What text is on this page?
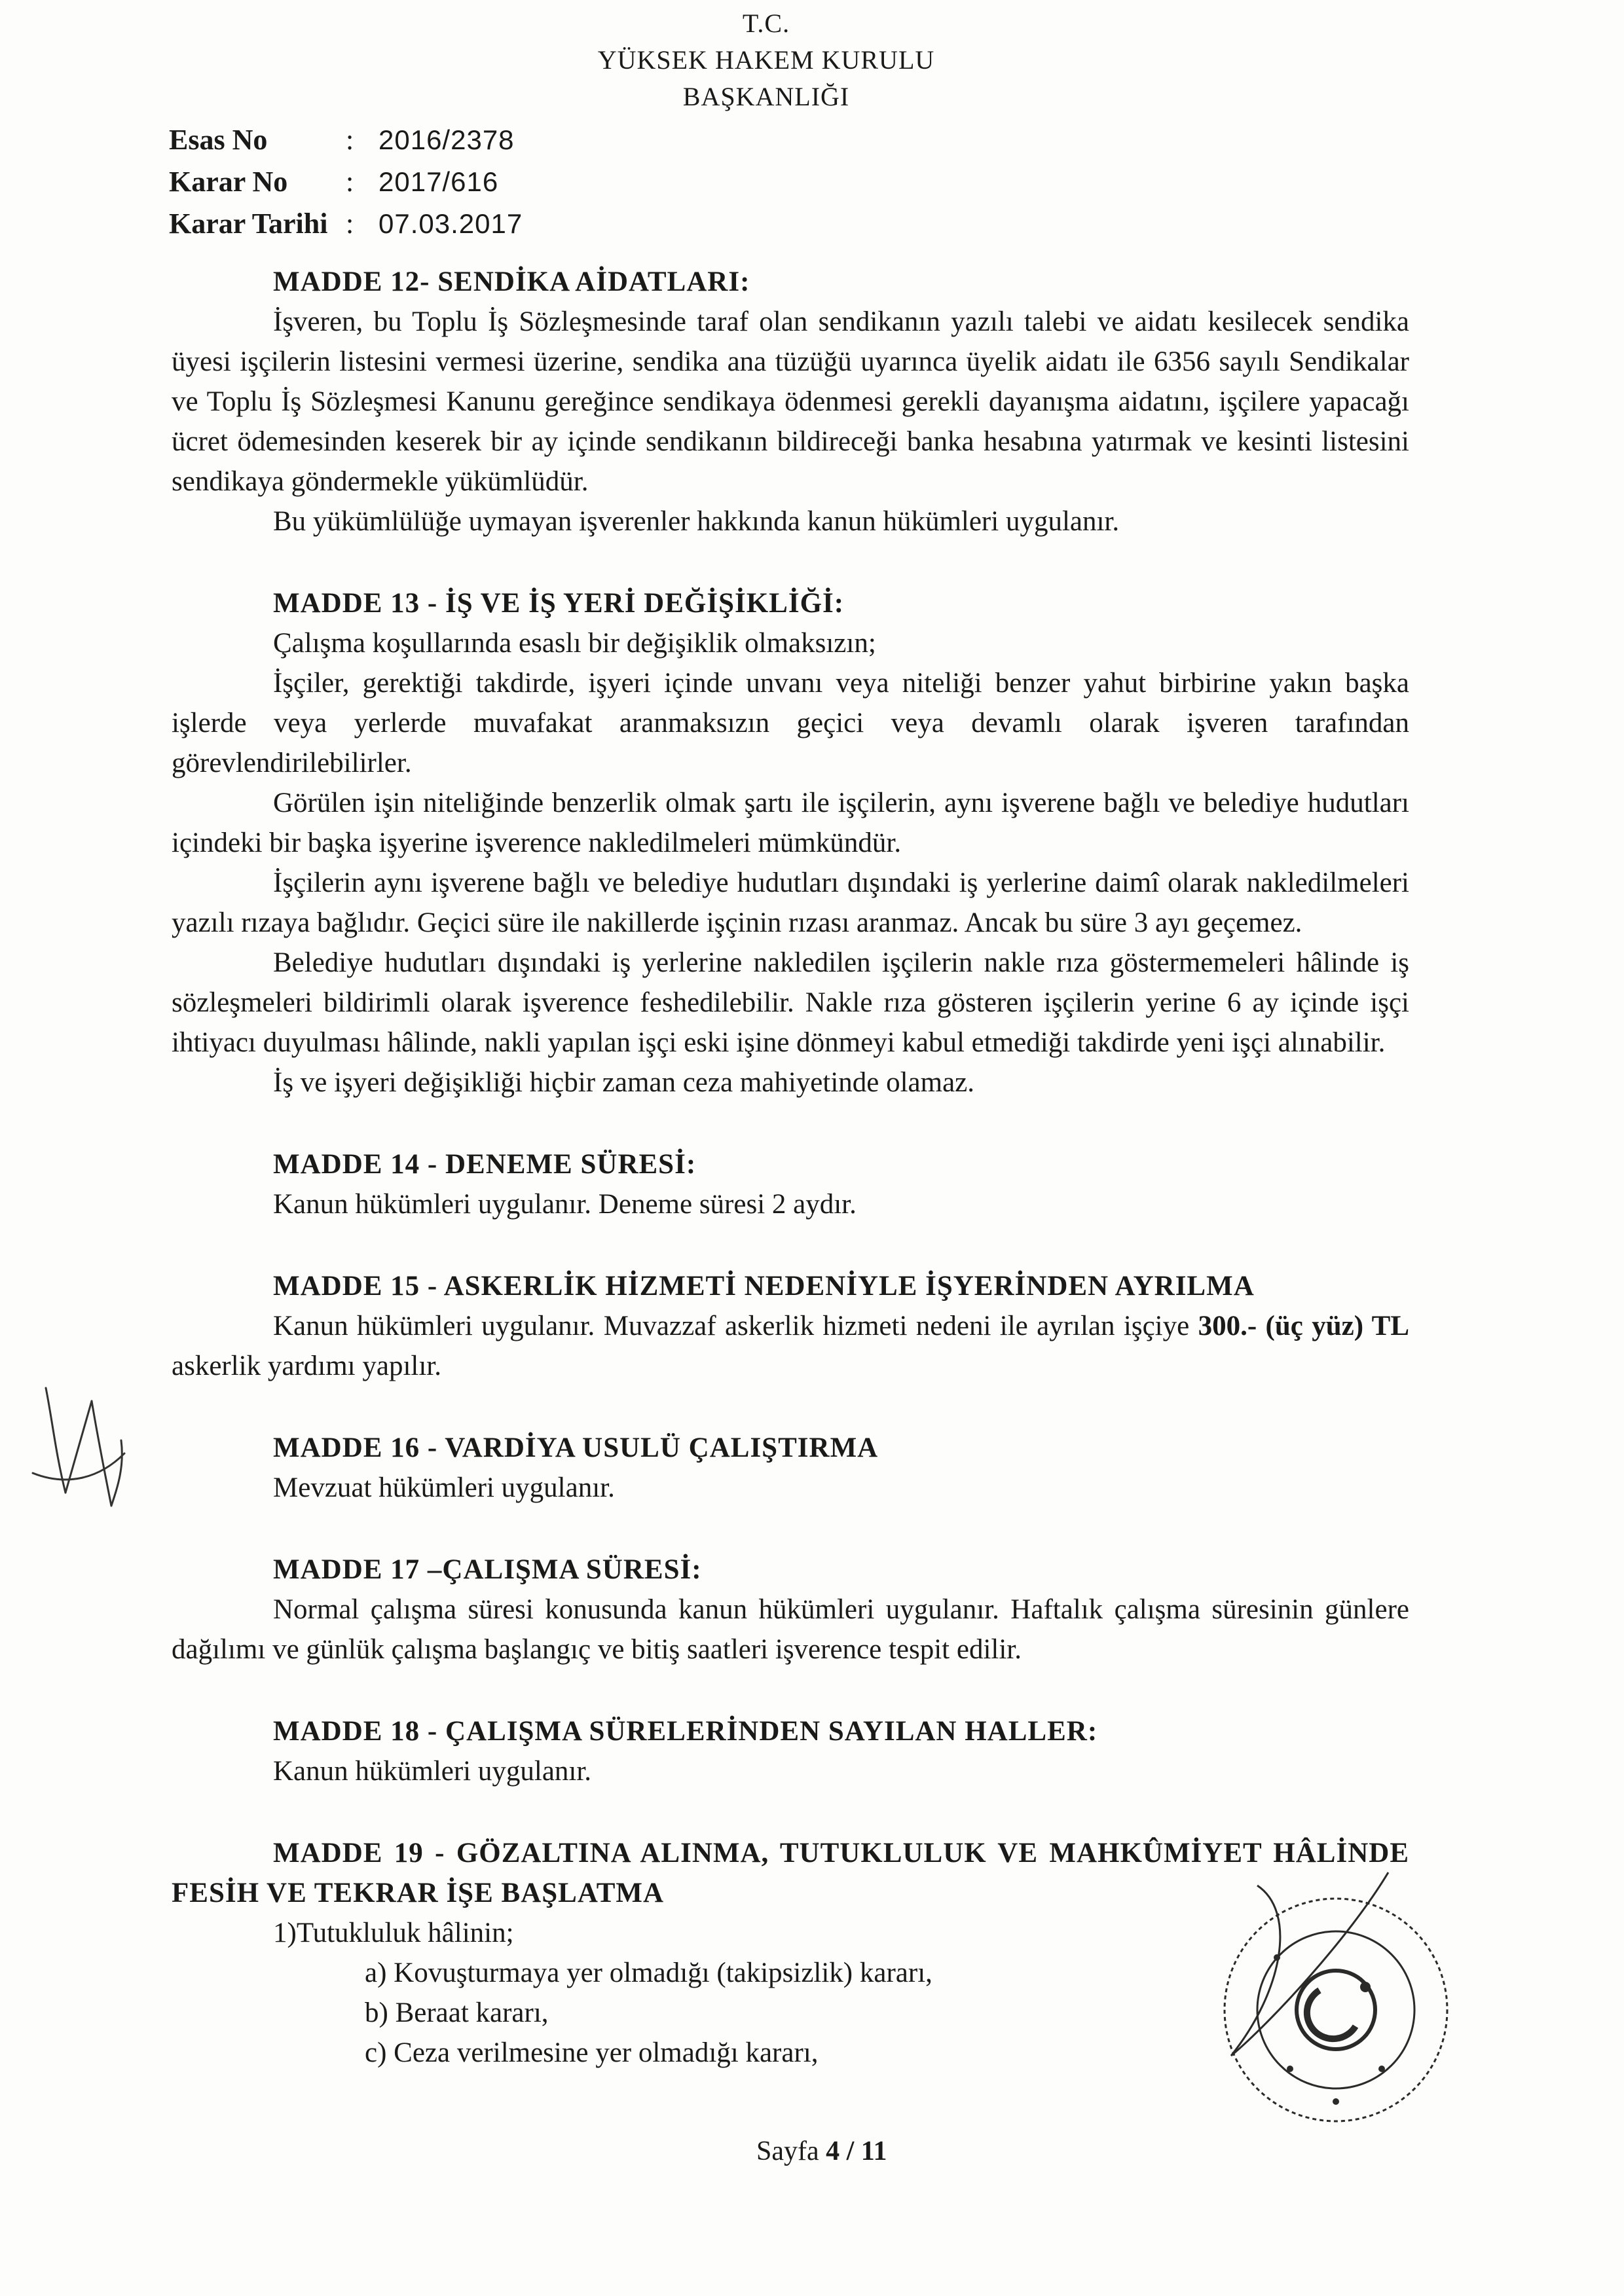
T.C.
YÜKSEK HAKEM KURULU
BAŞKANLIĞI
Esas No	: 2016/2378
Karar No	: 2017/616
Karar Tarihi : 07.03.2017
MADDE 12- SENDİKA AİDATLARI:
İşveren, bu Toplu İş Sözleşmesinde taraf olan sendikanın yazılı talebi ve aidatı kesilecek sendika üyesi işçilerin listesini vermesi üzerine, sendika ana tüzüğü uyarınca üyelik aidatı ile 6356 sayılı Sendikalar ve Toplu İş Sözleşmesi Kanunu gereğince sendikaya ödenmesi gerekli dayanışma aidatını, işçilere yapacağı ücret ödemesinden keserek bir ay içinde sendikanın bildireceği banka hesabına yatırmak ve kesinti listesini sendikaya göndermekle yükümlüdür.
Bu yükümlülüğe uymayan işverenler hakkında kanun hükümleri uygulanır.
MADDE 13 - İŞ VE İŞ YERİ DEĞİŞİKLİĞİ:
Çalışma koşullarında esaslı bir değişiklik olmaksızın;
İşçiler, gerektiği takdirde, işyeri içinde unvanı veya niteliği benzer yahut birbirine yakın başka işlerde veya yerlerde muvafakat aranmaksızın geçici veya devamlı olarak işveren tarafından görevlendirilebilirler.
Görülen işin niteliğinde benzerlik olmak şartı ile işçilerin, aynı işverene bağlı ve belediye hudutları içindeki bir başka işyerine işverence nakledilmeleri mümkündür.
İşçilerin aynı işverene bağlı ve belediye hudutları dışındaki iş yerlerine daimî olarak nakledilmeleri yazılı rızaya bağlıdır. Geçici süre ile nakillerde işçinin rızası aranmaz. Ancak bu süre 3 ayı geçemez.
Belediye hudutları dışındaki iş yerlerine nakledilen işçilerin nakle rıza göstermemeleri hâlinde iş sözleşmeleri bildirimli olarak işverence feshedilebilir. Nakle rıza gösteren işçilerin yerine 6 ay içinde işçi ihtiyacı duyulması hâlinde, nakli yapılan işçi eski işine dönmeyi kabul etmediği takdirde yeni işçi alınabilir.
İş ve işyeri değişikliği hiçbir zaman ceza mahiyetinde olamaz.
MADDE 14 - DENEME SÜRESİ:
Kanun hükümleri uygulanır. Deneme süresi 2 aydır.
MADDE 15 - ASKERLİK HİZMETİ NEDENİYLE İŞYERİNDEN AYRILMA
Kanun hükümleri uygulanır. Muvazzaf askerlik hizmeti nedeni ile ayrılan işçiye 300.- (üç yüz) TL askerlik yardımı yapılır.
MADDE 16 - VARDİYA USULÜ ÇALIŞTIRMA
Mevzuat hükümleri uygulanır.
MADDE 17 –ÇALIŞMA SÜRESİ:
Normal çalışma süresi konusunda kanun hükümleri uygulanır. Haftalık çalışma süresinin günlere dağılımı ve günlük çalışma başlangıç ve bitiş saatleri işverence tespit edilir.
MADDE 18 - ÇALIŞMA SÜRELERİNDEN SAYILAN HALLER:
Kanun hükümleri uygulanır.
MADDE 19 - GÖZALTINA ALINMA, TUTUKLULUK VE MAHKÛMİYET HÂLİNDE FESİH VE TEKRAR İŞE BAŞLATMA
1)Tutukluluk hâlinin;
a) Kovuşturmaya yer olmadığı (takipsizlik) kararı,
b) Beraat kararı,
c) Ceza verilmesine yer olmadığı kararı,
Sayfa 4 / 11
